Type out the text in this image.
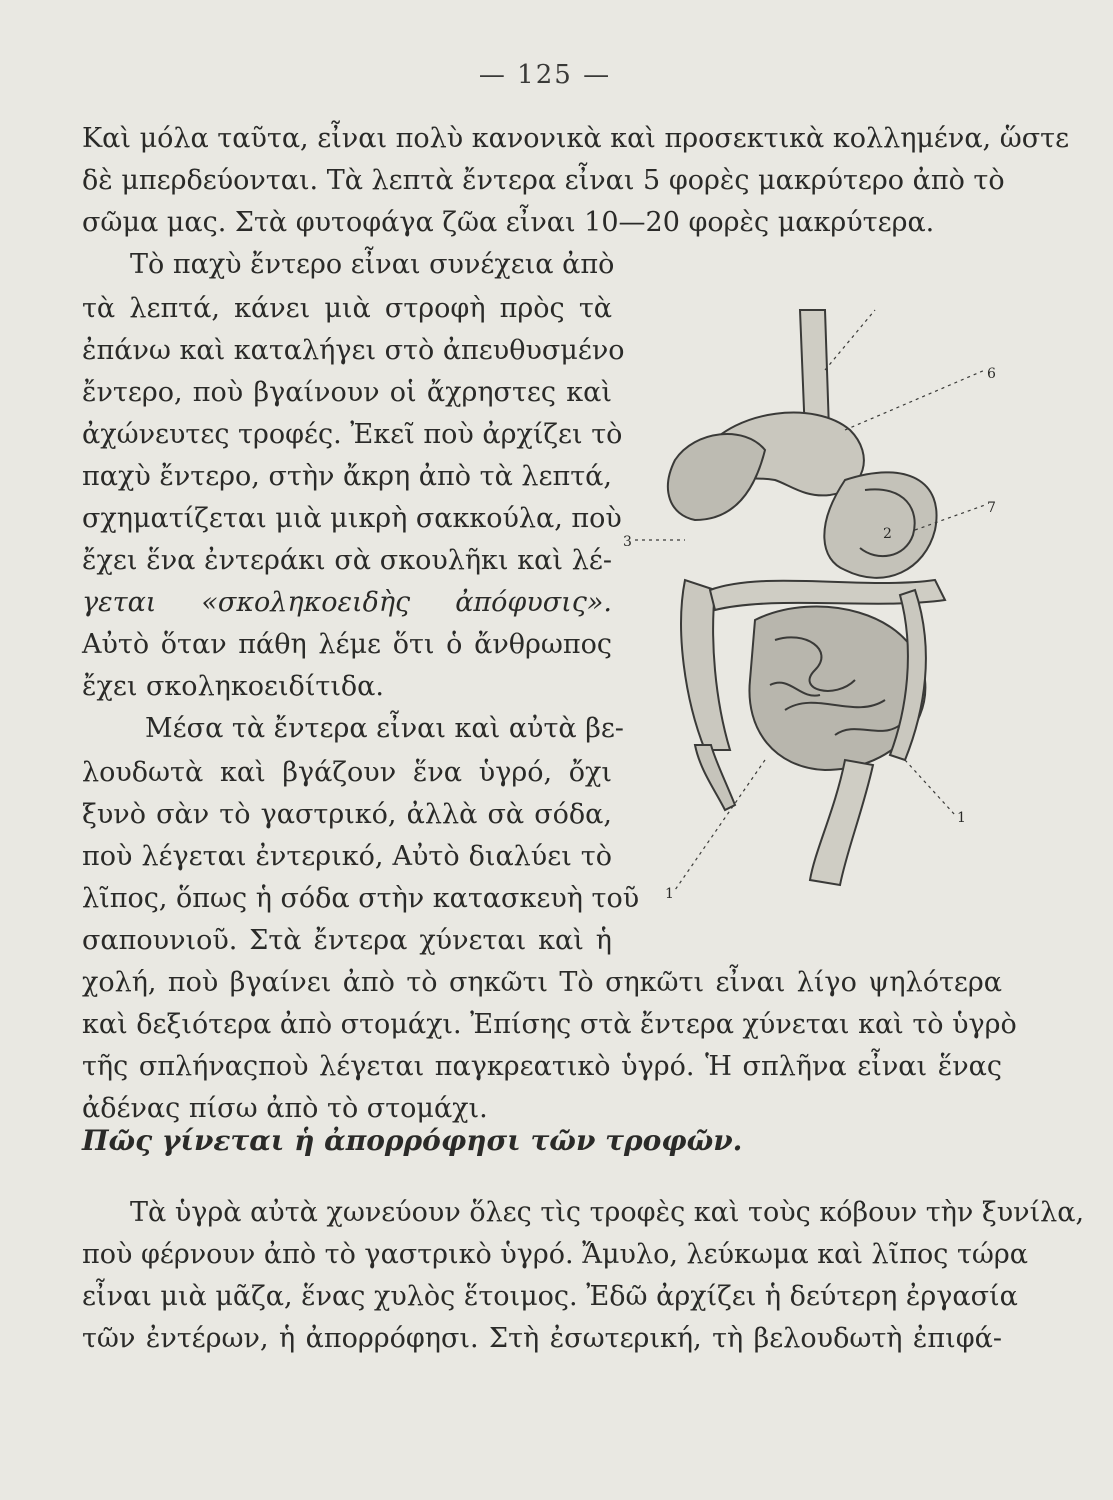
— 125 —
Καὶ μόλα ταῦτα, εἶναι πολὺ κανονικὰ καὶ προσεκτικὰ κολλημένα, ὥστε
δὲ μπερδεύονται. Τὰ λεπτὰ ἔντερα εἶναι 5 φορὲς μακρύτερο ἀπὸ τὸ
σῶμα μας. Στὰ φυτοφάγα ζῶα εἶναι 10—20 φορὲς μακρύτερα.
Τὸ παχὺ ἔντερο εἶναι συνέχεια ἀπὸ
τὰ λεπτά, κάνει μιὰ στροφὴ πρὸς τὰ
ἐπάνω καὶ καταλήγει στὸ ἀπευθυσμένο
ἔντερο, ποὺ βγαίνουν οἱ ἄχρηστες καὶ
ἀχώνευτες τροφές. Ἐκεῖ ποὺ ἀρχίζει τὸ
παχὺ ἔντερο, στὴν ἄκρη ἀπὸ τὰ λεπτά,
σχηματίζεται μιὰ μικρὴ σακκούλα, ποὺ
ἔχει ἕνα ἐντεράκι σὰ σκουλῆκι καὶ λέ-
γεται «σκοληκοειδὴς ἀπόφυσις».
Αὐτὸ ὅταν πάθη λέμε ὅτι ὁ ἄνθρωπος
ἔχει σκοληκοειδίτιδα.
Μέσα τὰ ἔντερα εἶναι καὶ αὐτὰ βε-
λουδωτὰ καὶ βγάζουν ἕνα ὑγρό, ὄχι
ξυνὸ σὰν τὸ γαστρικό, ἀλλὰ σὰ σόδα,
ποὺ λέγεται ἐντερικό, Αὐτὸ διαλύει τὸ
λῖπος, ὅπως ἡ σόδα στὴν κατασκευὴ τοῦ
σαπουνιοῦ. Στὰ ἔντερα χύνεται καὶ ἡ
χολή, ποὺ βγαίνει ἀπὸ τὸ σηκῶτι Τὸ σηκῶτι εἶναι λίγο ψηλότερα
καὶ δεξιότερα ἀπὸ στομάχι. Ἐπίσης στὰ ἔντερα χύνεται καὶ τὸ ὑγρὸ
τῆς σπλήναςποὺ λέγεται παγκρεατικὸ ὑγρό. Ἡ σπλῆνα εἶναι ἕνας
ἀδένας πίσω ἀπὸ τὸ στομάχι.
Πῶς γίνεται ἡ ἀπορρόφησι τῶν τροφῶν.
Τὰ ὑγρὰ αὐτὰ χωνεύουν ὅλες τὶς τροφὲς καὶ τοὺς κόβουν τὴν ξυνίλα,
ποὺ φέρνουν ἀπὸ τὸ γαστρικὸ ὑγρό. Ἄμυλο, λεύκωμα καὶ λῖπος τώρα
εἶναι μιὰ μᾶζα, ἕνας χυλὸς ἕτοιμος. Ἐδῶ ἀρχίζει ἡ δεύτερη ἐργασία
τῶν ἐντέρων, ἡ ἀπορρόφησι. Στὴ ἐσωτερική, τὴ βελουδωτὴ ἐπιφά-
6
7
2
3
1
1
